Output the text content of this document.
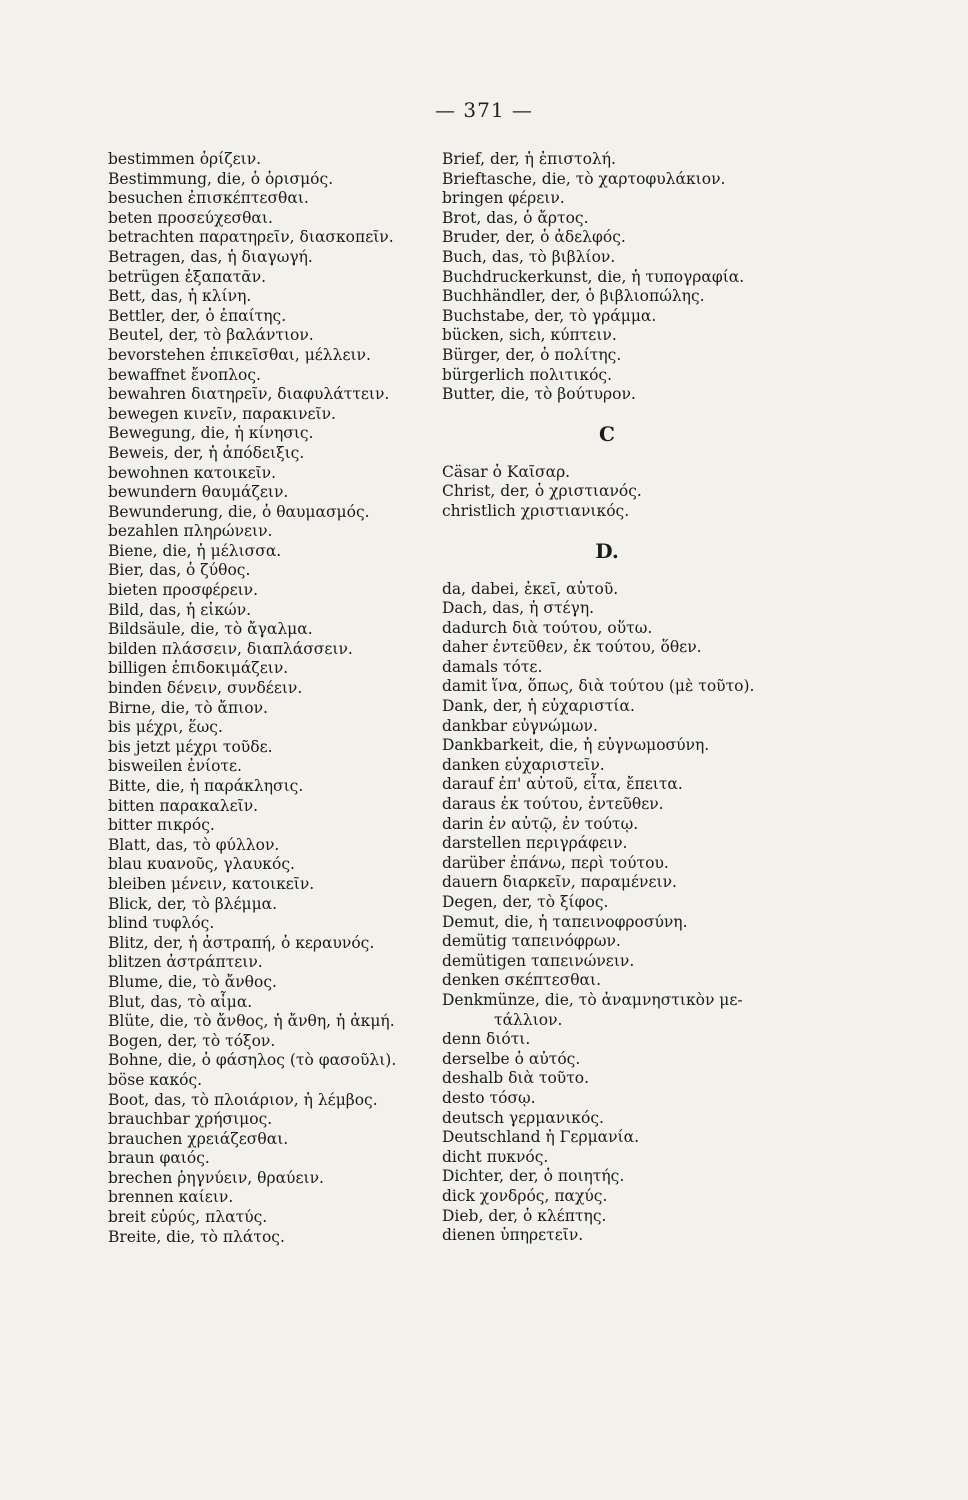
— 371 —
bestimmen ὁρίζειν.
Bestimmung, die, ὁ ὁρισμός.
besuchen ἐπισκέπτεσθαι.
beten προσεύχεσθαι.
betrachten παρατηρεῖν, διασκοπεῖν.
Betragen, das, ἡ διαγωγή.
betrügen ἐξαπατᾶν.
Bett, das, ἡ κλίνη.
Bettler, der, ὁ ἐπαίτης.
Beutel, der, τὸ βαλάντιον.
bevorstehen ἐπικεῖσθαι, μέλλειν.
bewaffnet ἔνοπλος.
bewahren διατηρεῖν, διαφυλάττειν.
bewegen κινεῖν, παρακινεῖν.
Bewegung, die, ἡ κίνησις.
Beweis, der, ἡ ἀπόδειξις.
bewohnen κατοικεῖν.
bewundern θαυμάζειν.
Bewunderung, die, ὁ θαυμασμός.
bezahlen πληρώνειν.
Biene, die, ἡ μέλισσα.
Bier, das, ὁ ζύθος.
bieten προσφέρειν.
Bild, das, ἡ εἰκών.
Bildsäule, die, τὸ ἄγαλμα.
bilden πλάσσειν, διαπλάσσειν.
billigen ἐπιδοκιμάζειν.
binden δένειν, συνδέειν.
Birne, die, τὸ ἄπιον.
bis μέχρι, ἕως.
bis jetzt μέχρι τοῦδε.
bisweilen ἐνίοτε.
Bitte, die, ἡ παράκλησις.
bitten παρακαλεῖν.
bitter πικρός.
Blatt, das, τὸ φύλλον.
blau κυανοῦς, γλαυκός.
bleiben μένειν, κατοικεῖν.
Blick, der, τὸ βλέμμα.
blind τυφλός.
Blitz, der, ἡ ἀστραπή, ὁ κεραυνός.
blitzen ἀστράπτειν.
Blume, die, τὸ ἄνθος.
Blut, das, τὸ αἷμα.
Blüte, die, τὸ ἄνθος, ἡ ἄνθη, ἡ ἀκμή.
Bogen, der, τὸ τόξον.
Bohne, die, ὁ φάσηλος (τὸ φασοῦλι).
böse κακός.
Boot, das, τὸ πλοιάριον, ἡ λέμβος.
brauchbar χρήσιμος.
brauchen χρειάζεσθαι.
braun φαιός.
brechen ῥηγνύειν, θραύειν.
brennen καίειν.
breit εὐρύς, πλατύς.
Breite, die, τὸ πλάτος.
Brief, der, ἡ ἐπιστολή.
Brieftasche, die, τὸ χαρτοφυλάκιον.
bringen φέρειν.
Brot, das, ὁ ἄρτος.
Bruder, der, ὁ ἀδελφός.
Buch, das, τὸ βιβλίον.
Buchdruckerkunst, die, ἡ τυπογραφία.
Buchhändler, der, ὁ βιβλιοπώλης.
Buchstabe, der, τὸ γράμμα.
bücken, sich, κύπτειν.
Bürger, der, ὁ πολίτης.
bürgerlich πολιτικός.
Butter, die, τὸ βούτυρον.
C
Cäsar ὁ Καῖσαρ.
Christ, der, ὁ χριστιανός.
christlich χριστιανικός.
D.
da, dabei, ἐκεῖ, αὐτοῦ.
Dach, das, ἡ στέγη.
dadurch διὰ τούτου, οὕτω.
daher ἐντεῦθεν, ἐκ τούτου, ὅθεν.
damals τότε.
damit ἵνα, ὅπως, διὰ τούτου (μὲ τοῦτο).
Dank, der, ἡ εὐχαριστία.
dankbar εὐγνώμων.
Dankbarkeit, die, ἡ εὐγνωμοσύνη.
danken εὐχαριστεῖν.
darauf ἐπ' αὐτοῦ, εἶτα, ἔπειτα.
daraus ἐκ τούτου, ἐντεῦθεν.
darin ἐν αὐτῷ, ἐν τούτῳ.
darstellen περιγράφειν.
darüber ἐπάνω, περὶ τούτου.
dauern διαρκεῖν, παραμένειν.
Degen, der, τὸ ξίφος.
Demut, die, ἡ ταπεινοφροσύνη.
demütig ταπεινόφρων.
demütigen ταπεινώνειν.
denken σκέπτεσθαι.
Denkmünze, die, τὸ ἀναμνηστικὸν με-
τάλλιον.
denn διότι.
derselbe ὁ αὐτός.
deshalb διὰ τοῦτο.
desto τόσῳ.
deutsch γερμανικός.
Deutschland ἡ Γερμανία.
dicht πυκνός.
Dichter, der, ὁ ποιητής.
dick χονδρός, παχύς.
Dieb, der, ὁ κλέπτης.
dienen ὑπηρετεῖν.
